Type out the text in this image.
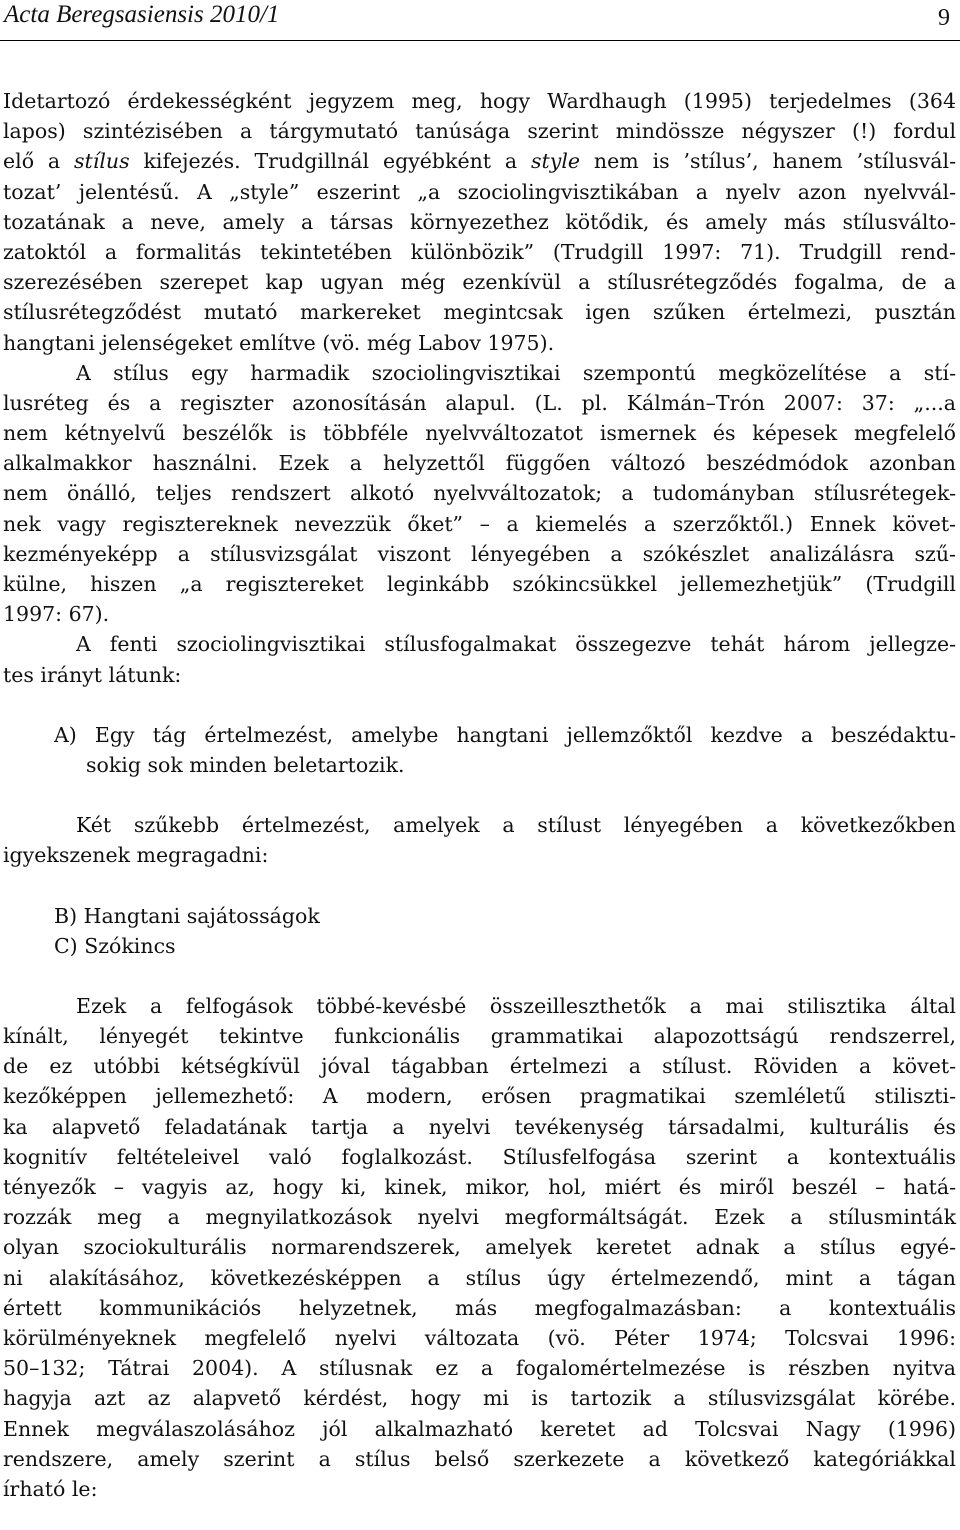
Acta Beregsasiensis 2010/1	9
Idetartozó érdekességként jegyzem meg, hogy Wardhaugh (1995) terjedelmes (364
lapos) szintézisében a tárgymutató tanúsága szerint mindössze négyszer (!) fordul
elő a stílus kifejezés. Trudgillnál egyébként a style nem is ’stílus’, hanem ’stílusvál-
tozat’ jelentésű. A „style” eszerint „a szociolingvisztikában a nyelv azon nyelvvál-
tozatának a neve, amely a társas környezethez kötődik, és amely más stílusválto-
zatoktól a formalitás tekintetében különbözik” (Trudgill 1997: 71). Trudgill rend-
szerezésében szerepet kap ugyan még ezenkívül a stílusrétegződés fogalma, de a
stílusrétegződést mutató markereket megintcsak igen szűken értelmezi, pusztán
hangtani jelenségeket említve (vö. még Labov 1975).
A stílus egy harmadik szociolingvisztikai szempontú megközelítése a stí-
lusréteg és a regiszter azonosításán alapul. (L. pl. Kálmán–Trón 2007: 37: „...a
nem kétnyelvű beszélők is többféle nyelvváltozatot ismernek és képesek megfelelő
alkalmakkor használni. Ezek a helyzettől függően változó beszédmódok azonban
nem önálló, teljes rendszert alkotó nyelvváltozatok; a tudományban stílusrétegek-
nek vagy regisztereknek nevezzük őket” – a kiemelés a szerzőktől.) Ennek követ-
kezményeképp a stílusvizsgálat viszont lényegében a szókészlet analizálásra szű-
külne, hiszen „a regisztereket leginkább szókincsükkel jellemezhetjük” (Trudgill
1997: 67).
A fenti szociolingvisztikai stílusfogalmakat összegezve tehát három jellegze-
tes irányt látunk:
A) Egy tág értelmezést, amelybe hangtani jellemzőktől kezdve a beszédaktu-
sokig sok minden beletartozik.
Két szűkebb értelmezést, amelyek a stílust lényegében a következőkben
igyekszenek megragadni:
B) Hangtani sajátosságok
C) Szókincs
Ezek a felfogások többé-kevésbé összeilleszthetők a mai stilisztika által
kínált, lényegét tekintve funkcionális grammatikai alapozottságú rendszerrel,
de ez utóbbi kétségkívül jóval tágabban értelmezi a stílust. Röviden a követ-
kezőképpen jellemezhető: A modern, erősen pragmatikai szemléletű stiliszti-
ka alapvető feladatának tartja a nyelvi tevékenység társadalmi, kulturális és
kognitív feltételeivel való foglalkozást. Stílusfelfogása szerint a kontextuális
tényezők – vagyis az, hogy ki, kinek, mikor, hol, miért és miről beszél – hatá-
rozzák meg a megnyilatkozások nyelvi megformáltságát. Ezek a stílusminták
olyan szociokulturális normarendszerek, amelyek keretet adnak a stílus egyé-
ni alakításához, következésképpen a stílus úgy értelmezendő, mint a tágan
értett kommunikációs helyzetnek, más megfogalmazásban: a kontextuális
körülményeknek megfelelő nyelvi változata (vö. Péter 1974; Tolcsvai 1996:
50–132; Tátrai 2004). A stílusnak ez a fogalomértelmezése is részben nyitva
hagyja azt az alapvető kérdést, hogy mi is tartozik a stílusvizsgálat körébe.
Ennek megválaszolásához jól alkalmazható keretet ad Tolcsvai Nagy (1996)
rendszere, amely szerint a stílus belső szerkezete a következő kategóriákkal
írható le:
